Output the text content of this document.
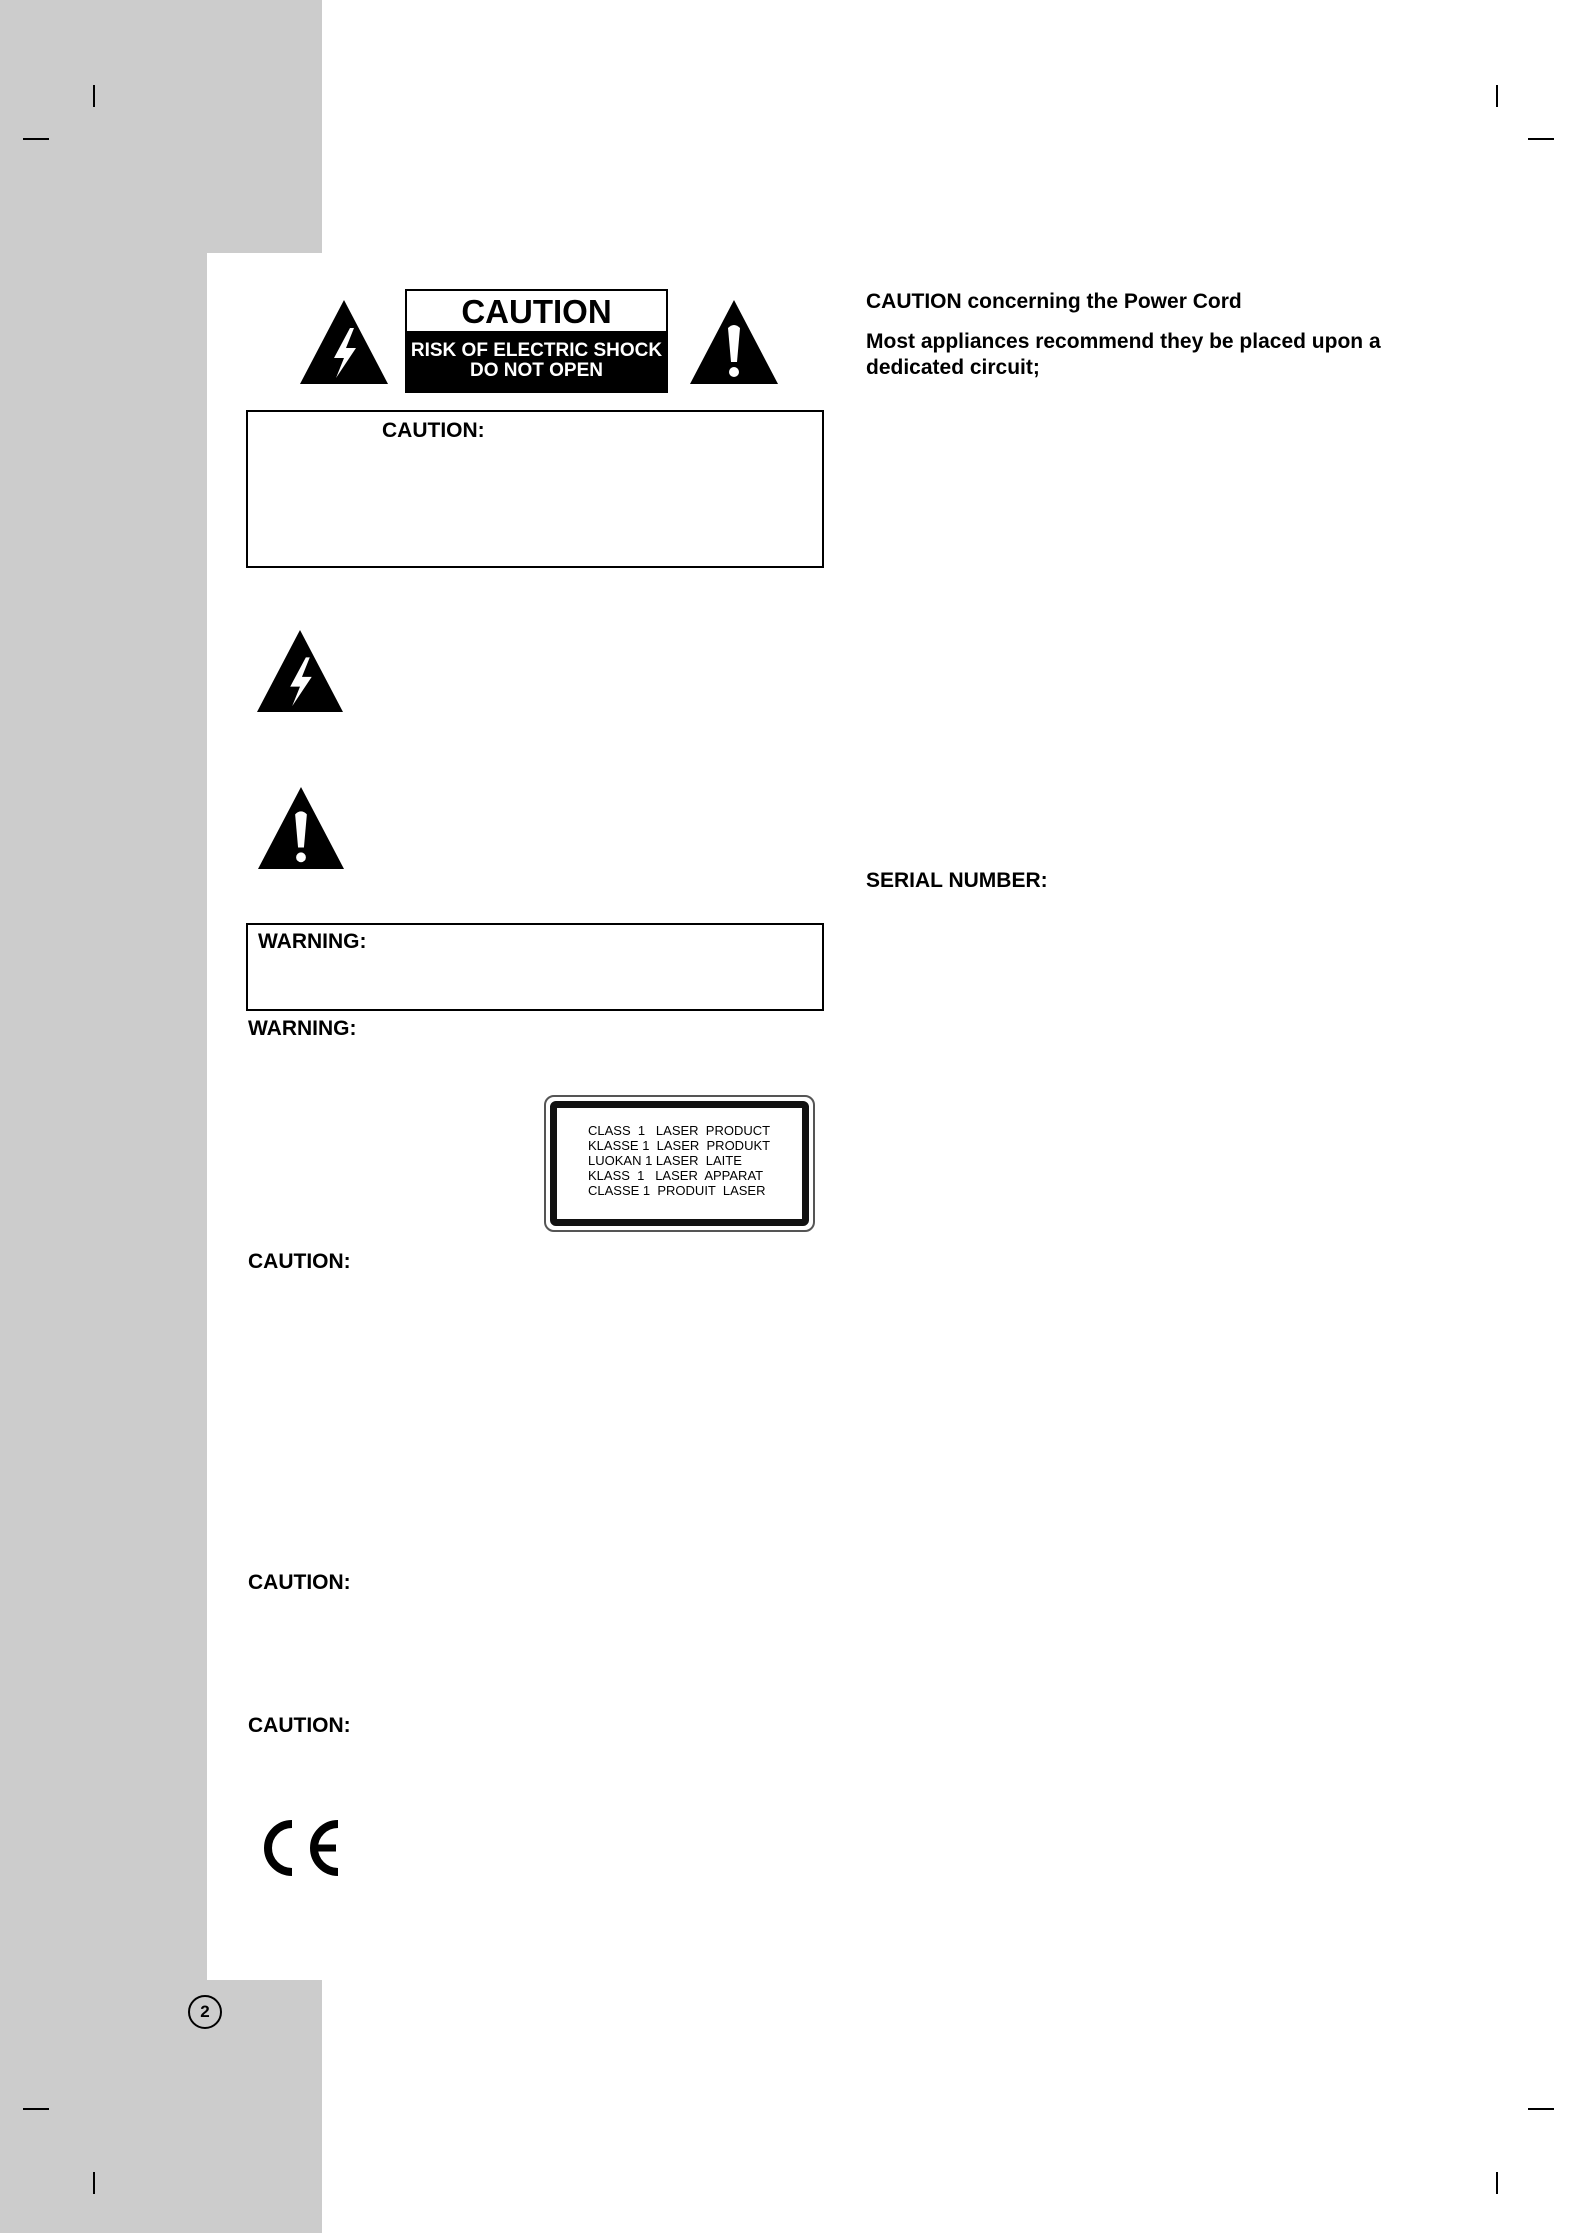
CAUTION
RISK OF ELECTRIC SHOCK
DO NOT OPEN
CAUTION:
WARNING:
WARNING:
CLASS  1   LASER  PRODUCT
KLASSE 1  LASER  PRODUKT
LUOKAN 1 LASER  LAITE
KLASS  1   LASER  APPARAT
CLASSE 1  PRODUIT  LASER
CAUTION:
CAUTION:
CAUTION:
CAUTION concerning the Power Cord
Most appliances recommend they be placed upon a dedicated circuit;
SERIAL NUMBER:
2
